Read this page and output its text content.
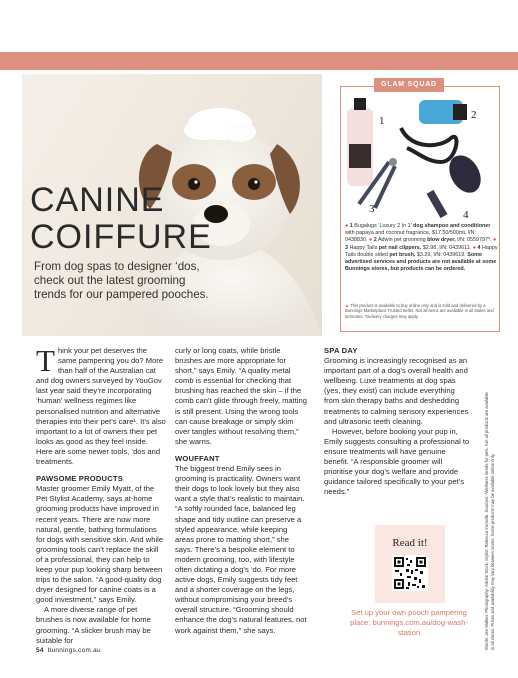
CANINE
COIFFURE
From dog spas to designer ‘dos, check out the latest grooming trends for our pampered pooches.
GLAM SQUAD
1	2
3	4
● 1 Bugalugs ‘Luxury 2 In 1’ dog shampoo and conditioner with papaya and coconut fragrance, $17.50/500mL I/N: 0438830. ● 2 Adwin pet grooming blow dryer, I/N: 0559797*. ● 3 Happy Tails pet nail clippers, $2.98, I/N: 0439611. ● 4 Happy Tails double sided pet brush, $3.29, I/N: 0439619. Some advertised services and products are not available at some Bunnings stores, but products can be ordered.
▲ This product is available to buy online only and is sold and delivered by a Bunnings Marketplace Trusted Seller. Not all items are available in all states and territories. *Delivery charges may apply.

Think your pet deserves the same pampering you do? More than half of the Australian cat and dog owners surveyed by YouGov last year said they’re incorporating ‘human’ wellness regimes like personalised nutrition and alternative therapies into their pet’s care¹. It’s also important to a lot of owners their pet looks as good as they feel inside. Here are some newer tools, ‘dos and treatments.

PAWSOME PRODUCTS

Master groomer Emily Myatt, of the Pet Stylist Academy, says at-home grooming products have improved in recent years. There are now more natural, gentle, bathing formulations for dogs with sensitive skin. And while grooming tools can’t replace the skill of a professional, they can help to keep your pup looking sharp between trips to the salon. “A good-quality dog dryer designed for canine coats is a good investment,” says Emily.

A more diverse range of pet brushes is now available for home grooming. “A slicker brush may be suitable for

curly or long coats, while bristle brushes are more appropriate for short,” says Emily. “A quality metal comb is essential for checking that brushing has reached the skin – if the comb can’t glide through freely, matting is still present. Using the wrong tools can cause breakage or simply skim over tangles without resolving them,” she warns.

WOUFFANT

The biggest trend Emily sees in grooming is practicality. Owners want their dogs to look lovely but they also want a style that’s realistic to maintain. “A softly rounded face, balanced leg shape and tidy outline can preserve a styled appearance, while keeping areas prone to matting short,” she says. There’s a bespoke element to modern grooming, too, with lifestyle often dictating a dog’s ‘do. For more active dogs, Emily suggests tidy feet and a shorter coverage on the legs, without compromising your breed’s overall structure. “Grooming should enhance the dog’s natural features, not work against them,” she says.

SPA DAY

Grooming is increasingly recognised as an important part of a dog’s overall health and wellbeing. Luxe treatments at dog spas (yes, they exist) can include everything from skin therapy baths and deshedding treatments to calming sensory experiences and ultrasonic teeth cleaning.

However, before booking your pup in, Emily suggests consulting a professional to ensure treatments will have genuine benefit. “A responsible groomer will prioritise your dog’s welfare and provide guidance tailored specifically to your pet’s needs.”

Read it!
Set up your own pooch pampering place: bunnings.com.au/dog-wash-station	Words: Jen Walker. Photography: Adobe Stock. Stylist: Rebecca Ironside. Sources: ¹Wellness trends for pets. Not all products are available in all stores. Prices and availability may vary between stores. Some products may be available online only.
54 bunnings.com.au
